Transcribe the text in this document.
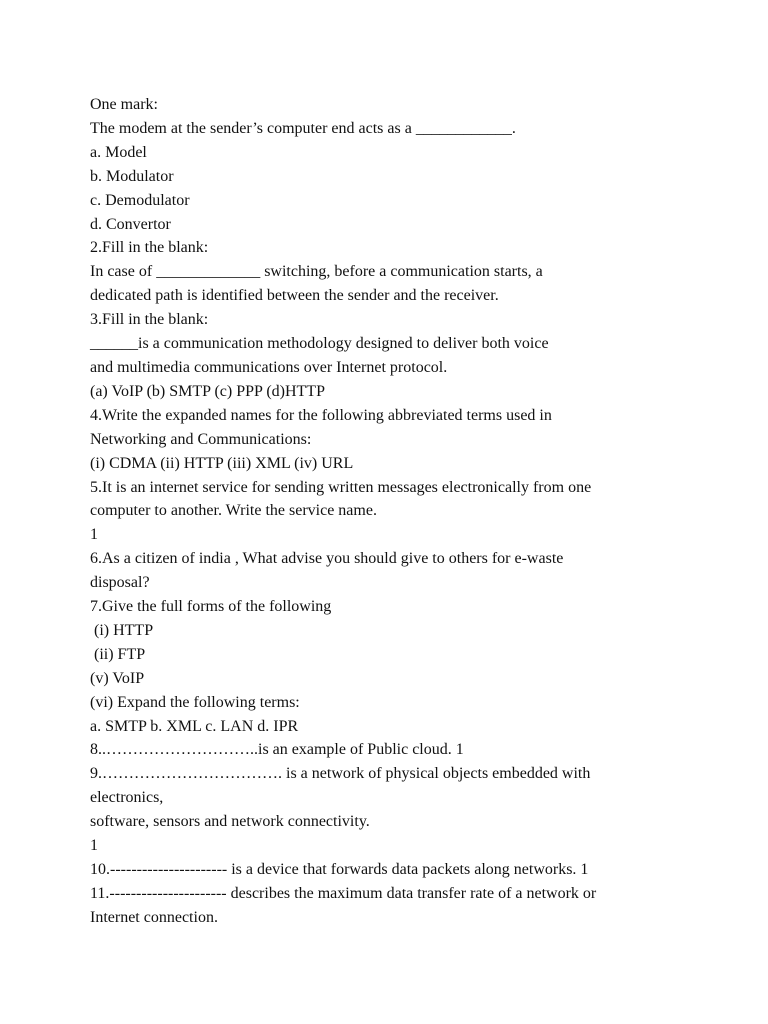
One mark:

The modem at the sender’s computer end acts as a ____________.

a. Model

b. Modulator

c. Demodulator

d. Convertor

2.Fill in the blank:

In case of _____________ switching, before a communication starts, a

dedicated path is identified between the sender and the receiver.

3.Fill in the blank:

______is a communication methodology designed to deliver both voice

and multimedia communications over Internet protocol.

(a) VoIP (b) SMTP (c) PPP (d)HTTP

4.Write the expanded names for the following abbreviated terms used in

Networking and Communications:

(i) CDMA (ii) HTTP (iii) XML (iv) URL

5.It is an internet service for sending written messages electronically from one

computer to another. Write the service name.

1

6.As a citizen of india , What advise you should give to others for e-waste

disposal?

7.Give the full forms of the following

(i) HTTP

(ii) FTP

(v) VoIP

(vi) Expand the following terms:

a. SMTP b. XML c. LAN d. IPR

8..………………………..is an example of Public cloud. 1

9.……………………………. is a network of physical objects embedded with

electronics,

software, sensors and network connectivity.

1

10.---------------------- is a device that forwards data packets along networks. 1

11.---------------------- describes the maximum data transfer rate of a network or

Internet connection.
